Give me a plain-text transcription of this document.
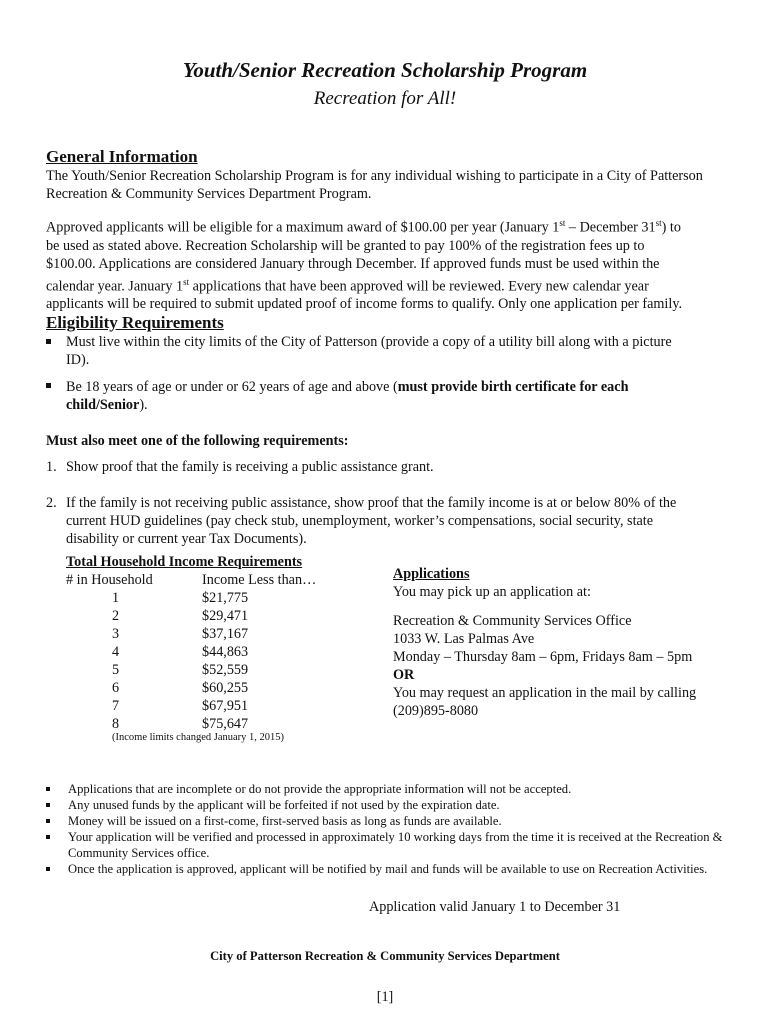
Youth/Senior Recreation Scholarship Program
Recreation for All!
General Information
The Youth/Senior Recreation Scholarship Program is for any individual wishing to participate in a City of Patterson Recreation & Community Services Department Program.
Approved applicants will be eligible for a maximum award of $100.00 per year (January 1st – December 31st) to
be used as stated above. Recreation Scholarship will be granted to pay 100% of the registration fees up to
$100.00. Applications are considered January through December. If approved funds must be used within the
calendar year. January 1st applications that have been approved will be reviewed. Every new calendar year
applicants will be required to submit updated proof of income forms to qualify. Only one application per family.
Eligibility Requirements
Must live within the city limits of the City of Patterson (provide a copy of a utility bill along with a picture ID).
Be 18 years of age or under or 62 years of age and above (must provide birth certificate for each child/Senior).
Must also meet one of the following requirements:
1. Show proof that the family is receiving a public assistance grant.
2. If the family is not receiving public assistance, show proof that the family income is at or below 80% of the current HUD guidelines (pay check stub, unemployment, worker’s compensations, social security, state disability or current year Tax Documents).
Total Household Income Requirements
# in Household	Income Less than…
1	$21,775
2	$29,471
3	$37,167
4	$44,863
5	$52,559
6	$60,255
7	$67,951
8	$75,647
(Income limits changed January 1, 2015)
Applications
You may pick up an application at:
Recreation & Community Services Office
1033 W. Las Palmas Ave
Monday – Thursday 8am – 6pm, Fridays 8am – 5pm
OR
You may request an application in the mail by calling
(209)895-8080
Applications that are incomplete or do not provide the appropriate information will not be accepted.
Any unused funds by the applicant will be forfeited if not used by the expiration date.
Money will be issued on a first-come, first-served basis as long as funds are available.
Your application will be verified and processed in approximately 10 working days from the time it is received at the Recreation & Community Services office.
Once the application is approved, applicant will be notified by mail and funds will be available to use on Recreation Activities.
Application valid January 1 to December 31
City of Patterson Recreation & Community Services Department
[1]
